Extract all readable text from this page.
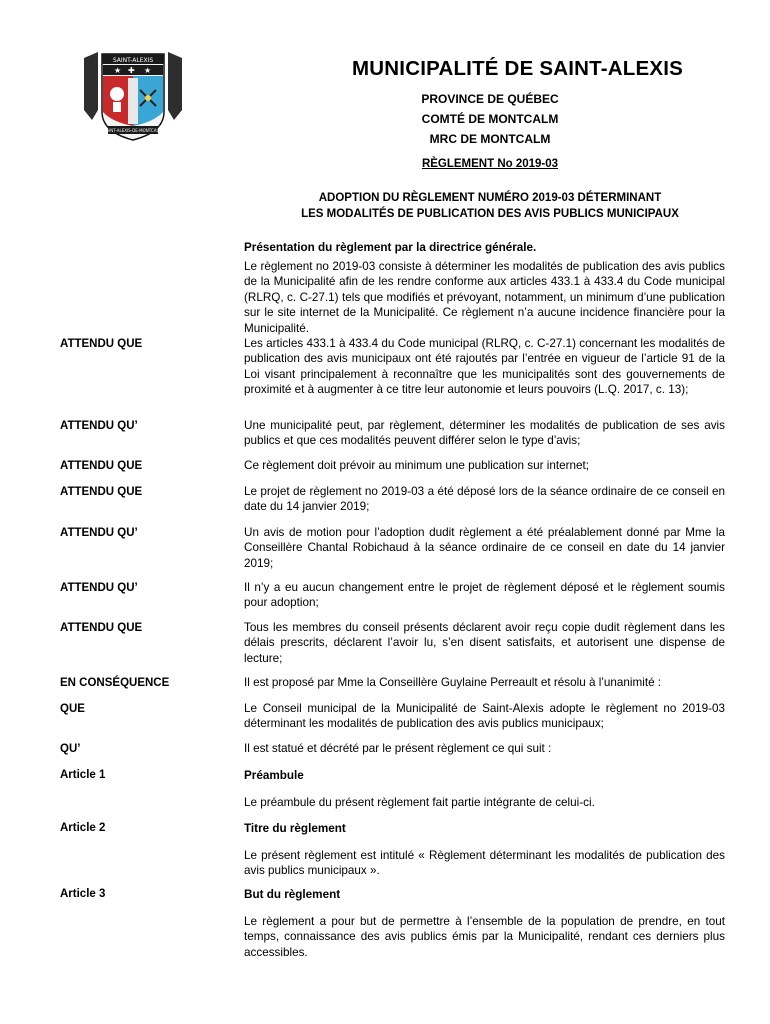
SAINT-ALEXIS
★ ✚ ★
SAINT-ALEXIS-DE-MONTCALM
MUNICIPALITÉ DE SAINT-ALEXIS

PROVINCE DE QUÉBEC

COMTÉ DE MONTCALM

MRC DE MONTCALM

RÈGLEMENT No 2019-03
ADOPTION DU RÈGLEMENT NUMÉRO 2019-03 DÉTERMINANT
LES MODALITÉS DE PUBLICATION DES AVIS PUBLICS MUNICIPAUX
Présentation du règlement par la directrice générale.
Le règlement no 2019-03 consiste à déterminer les modalités de publication des avis publics de la Municipalité afin de les rendre conforme aux articles 433.1 à 433.4 du Code municipal (RLRQ, c. C-27.1) tels que modifiés et prévoyant, notamment, un minimum d’une publication sur le site internet de la Municipalité. Ce règlement n’a aucune incidence financière pour la Municipalité.
ATTENDU QUE	Les articles 433.1 à 433.4 du Code municipal (RLRQ, c. C-27.1) concernant les modalités de publication des avis municipaux ont été rajoutés par l’entrée en vigueur de l’article 91 de la Loi visant principalement à reconnaître que les municipalités sont des gouvernements de proximité et à augmenter à ce titre leur autonomie et leurs pouvoirs (L.Q. 2017, c. 13);
ATTENDU QU’	Une municipalité peut, par règlement, déterminer les modalités de publication de ses avis publics et que ces modalités peuvent différer selon le type d’avis;
ATTENDU QUE	Ce règlement doit prévoir au minimum une publication sur internet;
ATTENDU QUE	Le projet de règlement no 2019-03 a été déposé lors de la séance ordinaire de ce conseil en date du 14 janvier 2019;
ATTENDU QU’	Un avis de motion pour l’adoption dudit règlement a été préalablement donné par Mme la Conseillère Chantal Robichaud à la séance ordinaire de ce conseil en date du 14 janvier 2019;
ATTENDU QU’	Il n’y a eu aucun changement entre le projet de règlement déposé et le règlement soumis pour adoption;
ATTENDU QUE	Tous les membres du conseil présents déclarent avoir reçu copie dudit règlement dans les délais prescrits, déclarent l’avoir lu, s’en disent satisfaits, et autorisent une dispense de lecture;
EN CONSÉQUENCE	Il est proposé par Mme la Conseillère Guylaine Perreault et résolu à l’unanimité :
QUE	Le Conseil municipal de la Municipalité de Saint-Alexis adopte le règlement no 2019-03 déterminant les modalités de publication des avis publics municipaux;
QU’	Il est statué et décrété par le présent règlement ce qui suit :
Article 1	Préambule
Le préambule du présent règlement fait partie intégrante de celui-ci.
Article 2	Titre du règlement
Le présent règlement est intitulé « Règlement déterminant les modalités de publication des avis publics municipaux ».
Article 3	But du règlement
Le règlement a pour but de permettre à l’ensemble de la population de prendre, en tout temps, connaissance des avis publics émis par la Municipalité, rendant ces derniers plus accessibles.
